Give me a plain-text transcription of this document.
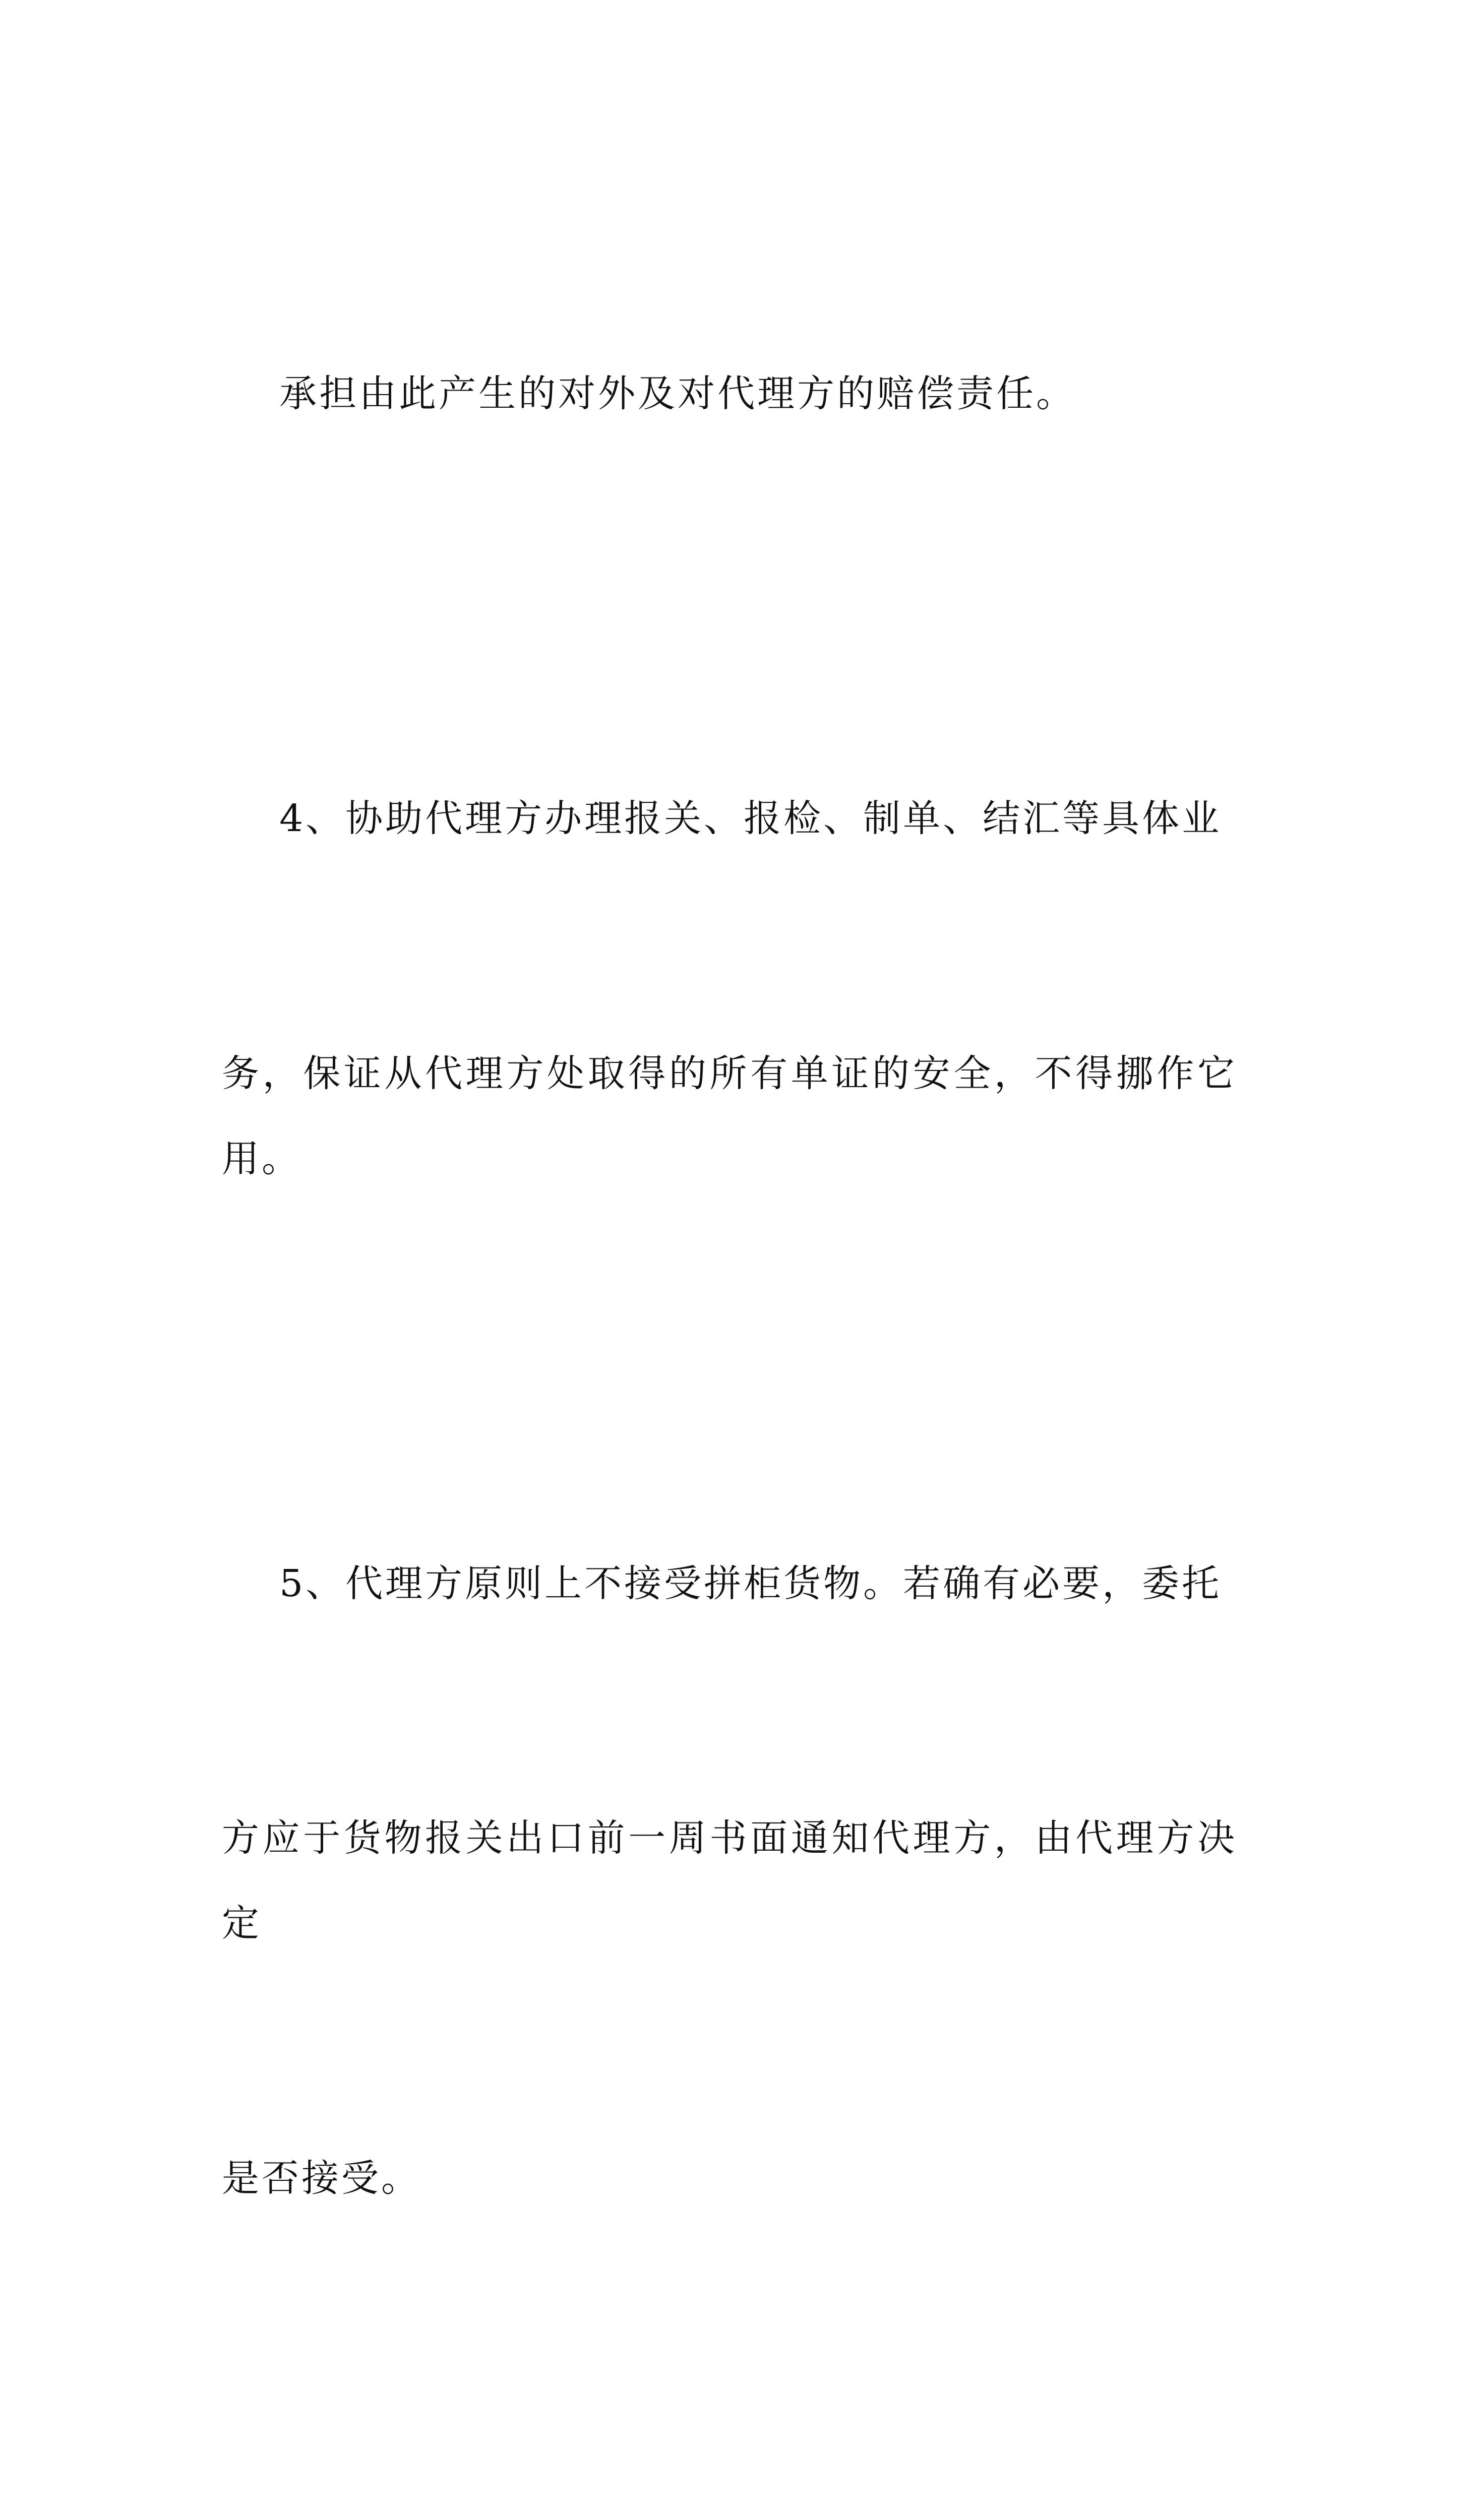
承担由此产生的对外及对代理方的赔偿责任。

4、协助代理方办理报关、报检、制单、结汇等具体业

务，保证从代理方处取得的所有单证的安全，不得挪作它用。

5、代理方原则上不接受拼柜货物。若确有必要，委托

方应于货物报关出口前一周书面通知代理方，由代理方决定

是否接受。
